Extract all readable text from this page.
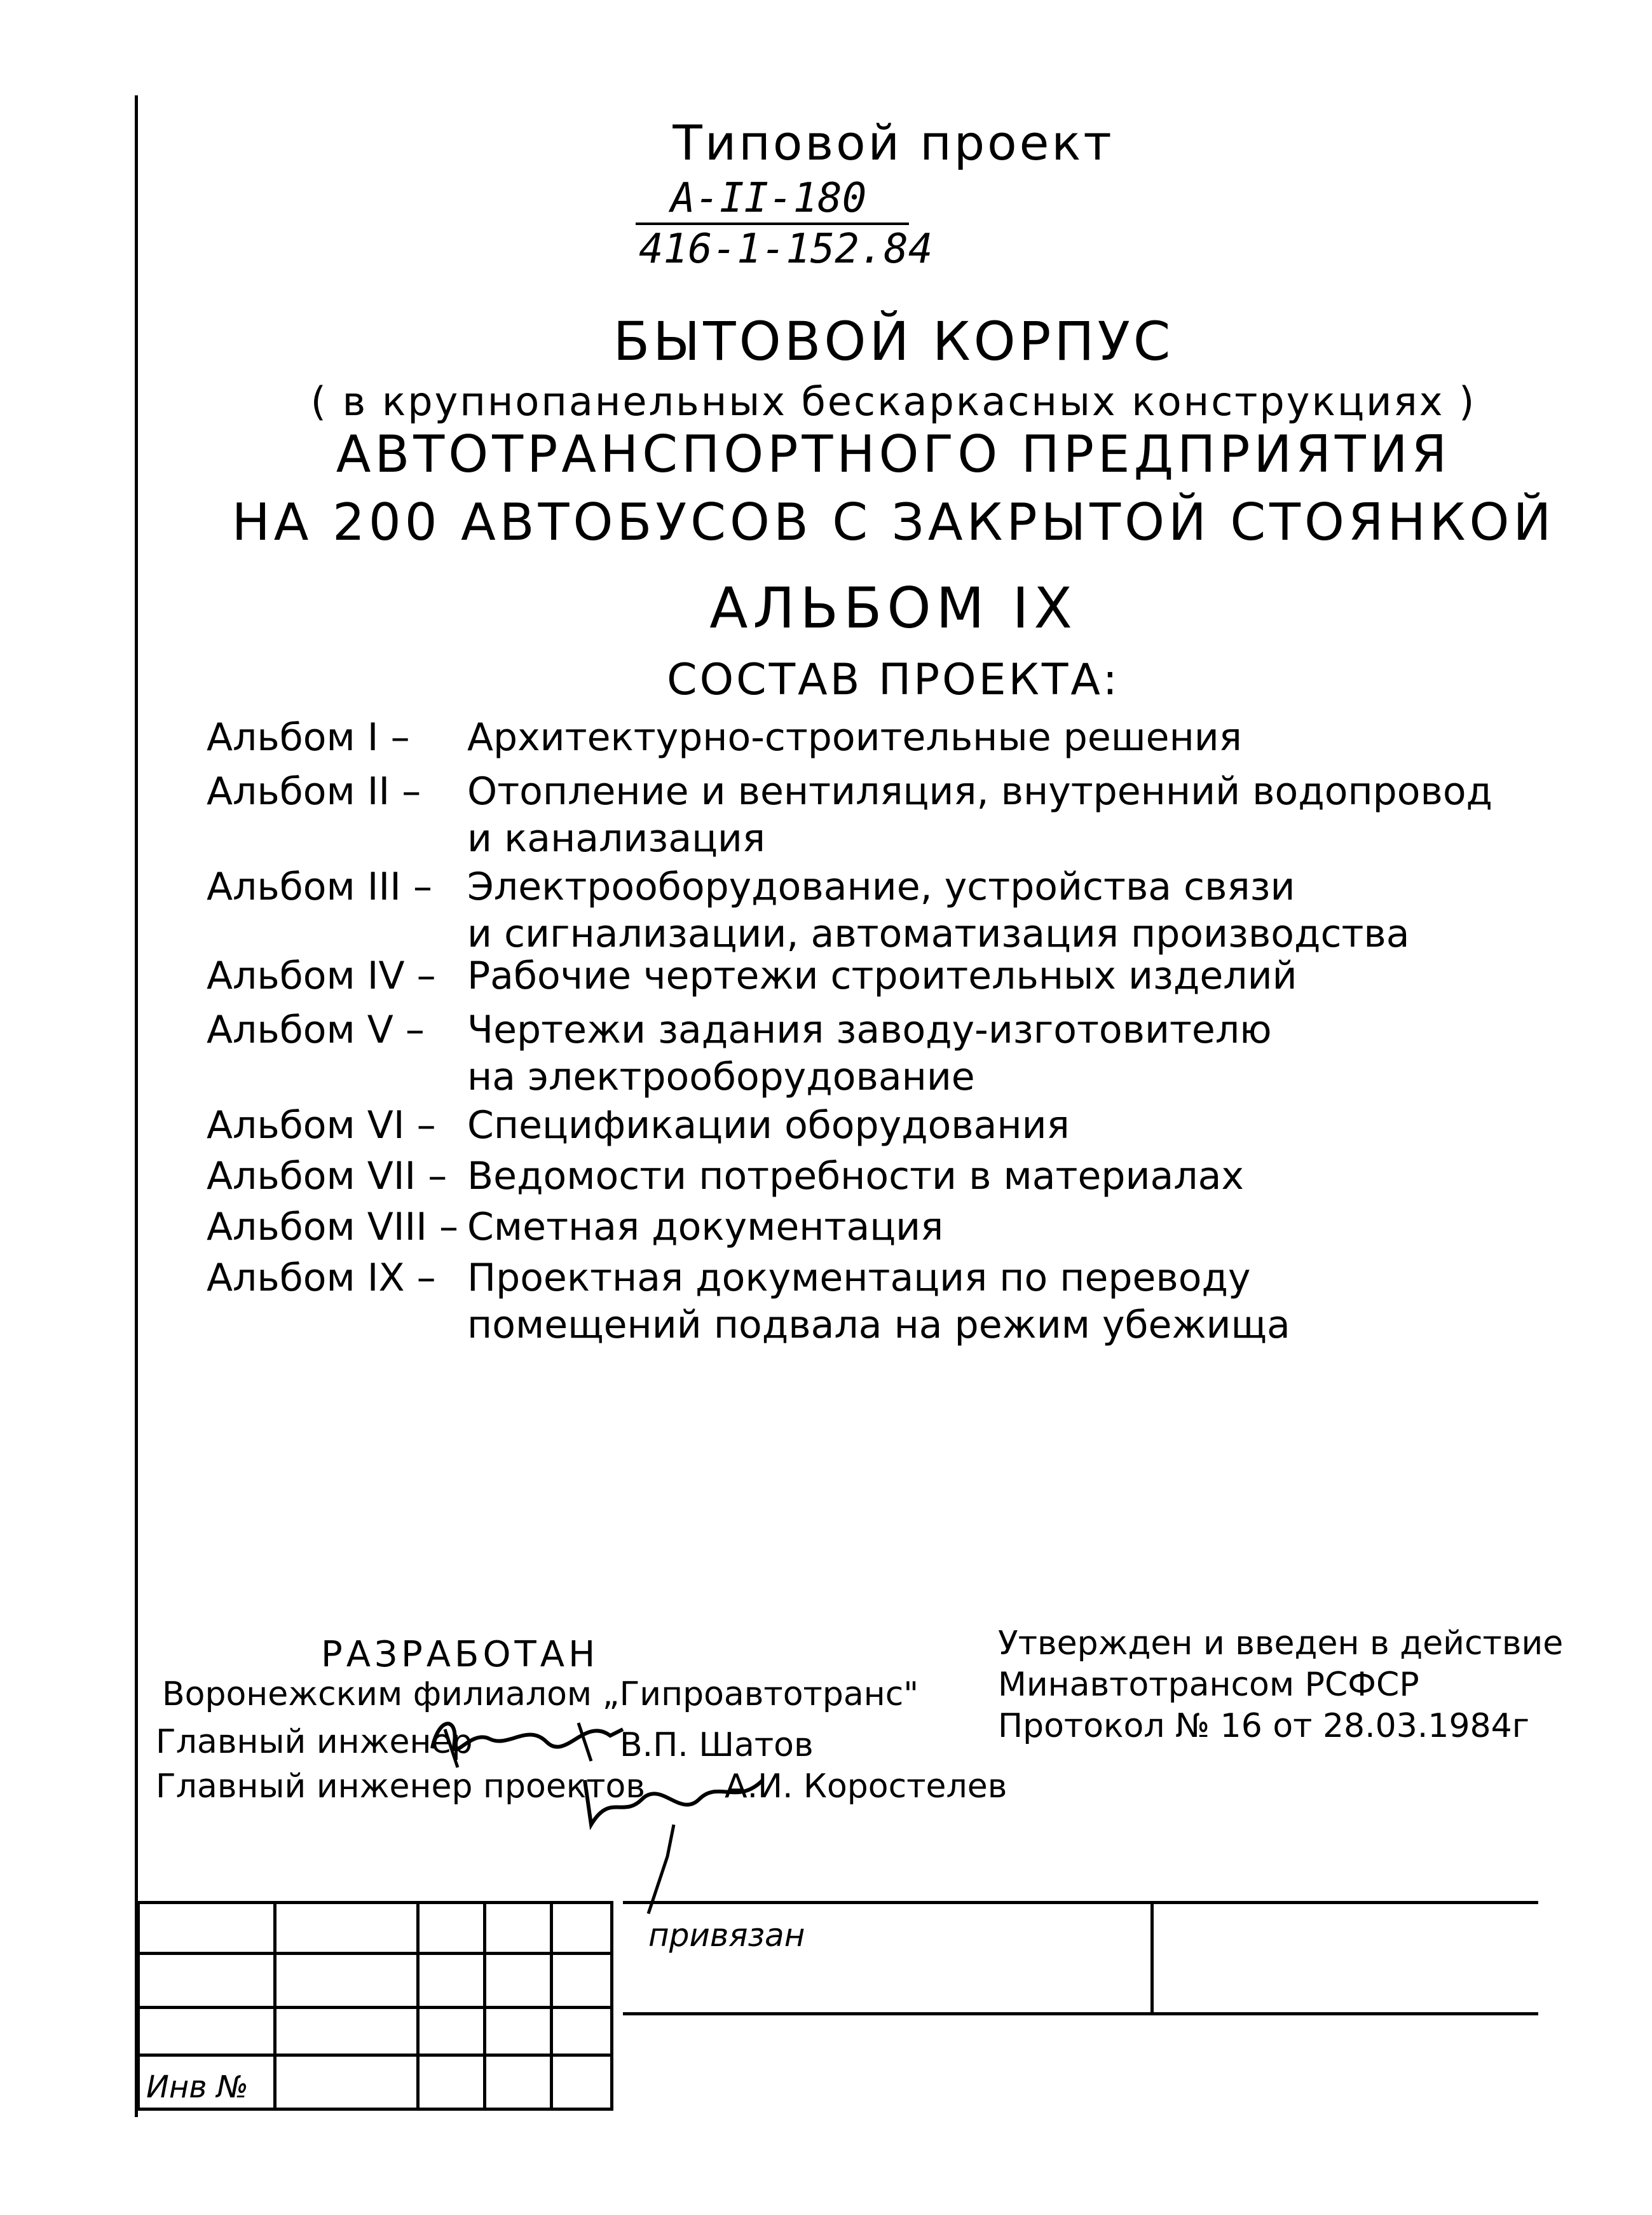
Типовой проект
А-II-180
416-1-152.84
БЫТОВОЙ КОРПУС
( в крупнопанельных бескаркасных конструкциях )
АВТОТРАНСПОРТНОГО ПРЕДПРИЯТИЯ
НА 200 АВТОБУСОВ С ЗАКРЫТОЙ СТОЯНКОЙ
АЛЬБОМ IX
СОСТАВ ПРОЕКТА:
Альбом I – Архитектурно-строительные решения
Альбом II – Отопление и вентиляция, внутренний водопровод
и канализация
Альбом III – Электрооборудование, устройства связи
и сигнализации, автоматизация производства
Альбом IV – Рабочие чертежи строительных изделий
Альбом V – Чертежи задания заводу-изготовителю
на электрооборудование
Альбом VI – Спецификации оборудования
Альбом VII – Ведомости потребности в материалах
Альбом VIII – Сметная документация
Альбом IX – Проектная документация по переводу
помещений подвала на режим убежища
РАЗРАБОТАН
Воронежским филиалом „Гипроавтотранс"
Главный инженер	В.П. Шатов
Главный инженер проектов А.И. Коростелев
Утвержден и введен в действие
Минавтотрансом РСФСР
Протокол № 16 от 28.03.1984г

привязан
Инв №
